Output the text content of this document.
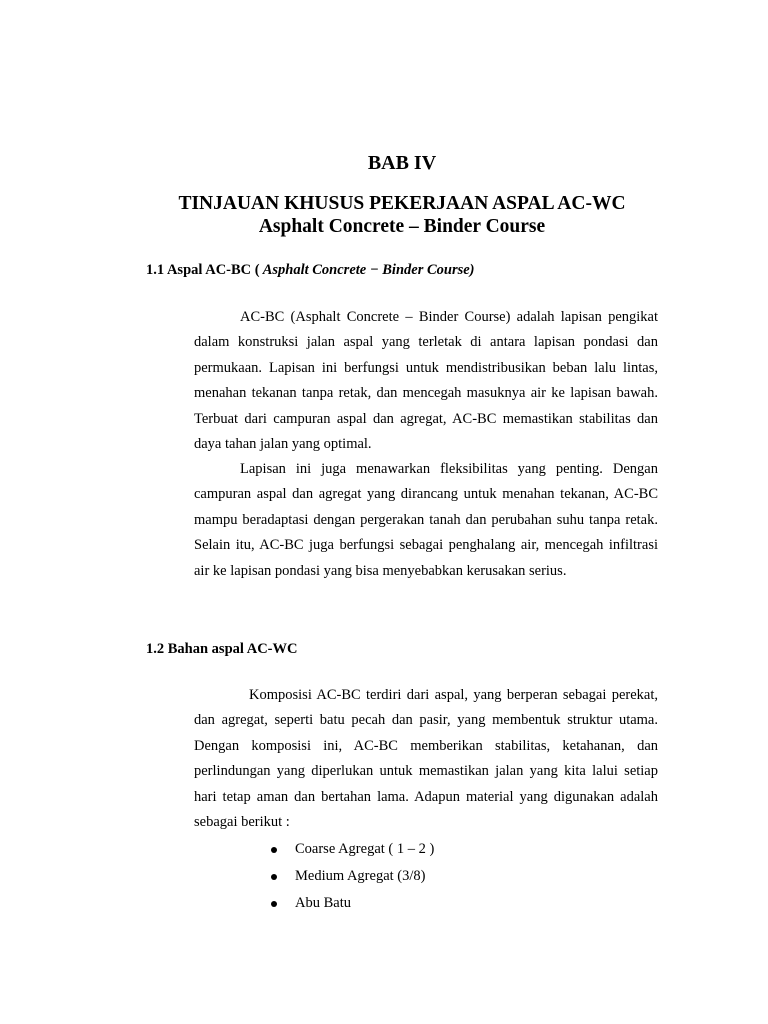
BAB IV
TINJAUAN KHUSUS PEKERJAAN ASPAL AC-WC
Asphalt Concrete – Binder Course
1.1 Aspal AC-BC ( Asphalt Concrete − Binder Course)

AC-BC (Asphalt Concrete – Binder Course) adalah lapisan pengikat dalam konstruksi jalan aspal yang terletak di antara lapisan pondasi dan permukaan. Lapisan ini berfungsi untuk mendistribusikan beban lalu lintas, menahan tekanan tanpa retak, dan mencegah masuknya air ke lapisan bawah. Terbuat dari campuran aspal dan agregat, AC-BC memastikan stabilitas dan daya tahan jalan yang optimal.

Lapisan ini juga menawarkan fleksibilitas yang penting. Dengan campuran aspal dan agregat yang dirancang untuk menahan tekanan, AC-BC mampu beradaptasi dengan pergerakan tanah dan perubahan suhu tanpa retak. Selain itu, AC-BC juga berfungsi sebagai penghalang air, mencegah infiltrasi air ke lapisan pondasi yang bisa menyebabkan kerusakan serius.

1.2 Bahan aspal AC-WC

Komposisi AC-BC terdiri dari aspal, yang berperan sebagai perekat, dan agregat, seperti batu pecah dan pasir, yang membentuk struktur utama. Dengan komposisi ini, AC-BC memberikan stabilitas, ketahanan, dan perlindungan yang diperlukan untuk memastikan jalan yang kita lalui setiap hari tetap aman dan bertahan lama. Adapun material yang digunakan adalah sebagai berikut :

Coarse Agregat ( 1 – 2 )
Medium Agregat (3/8)
Abu Batu
